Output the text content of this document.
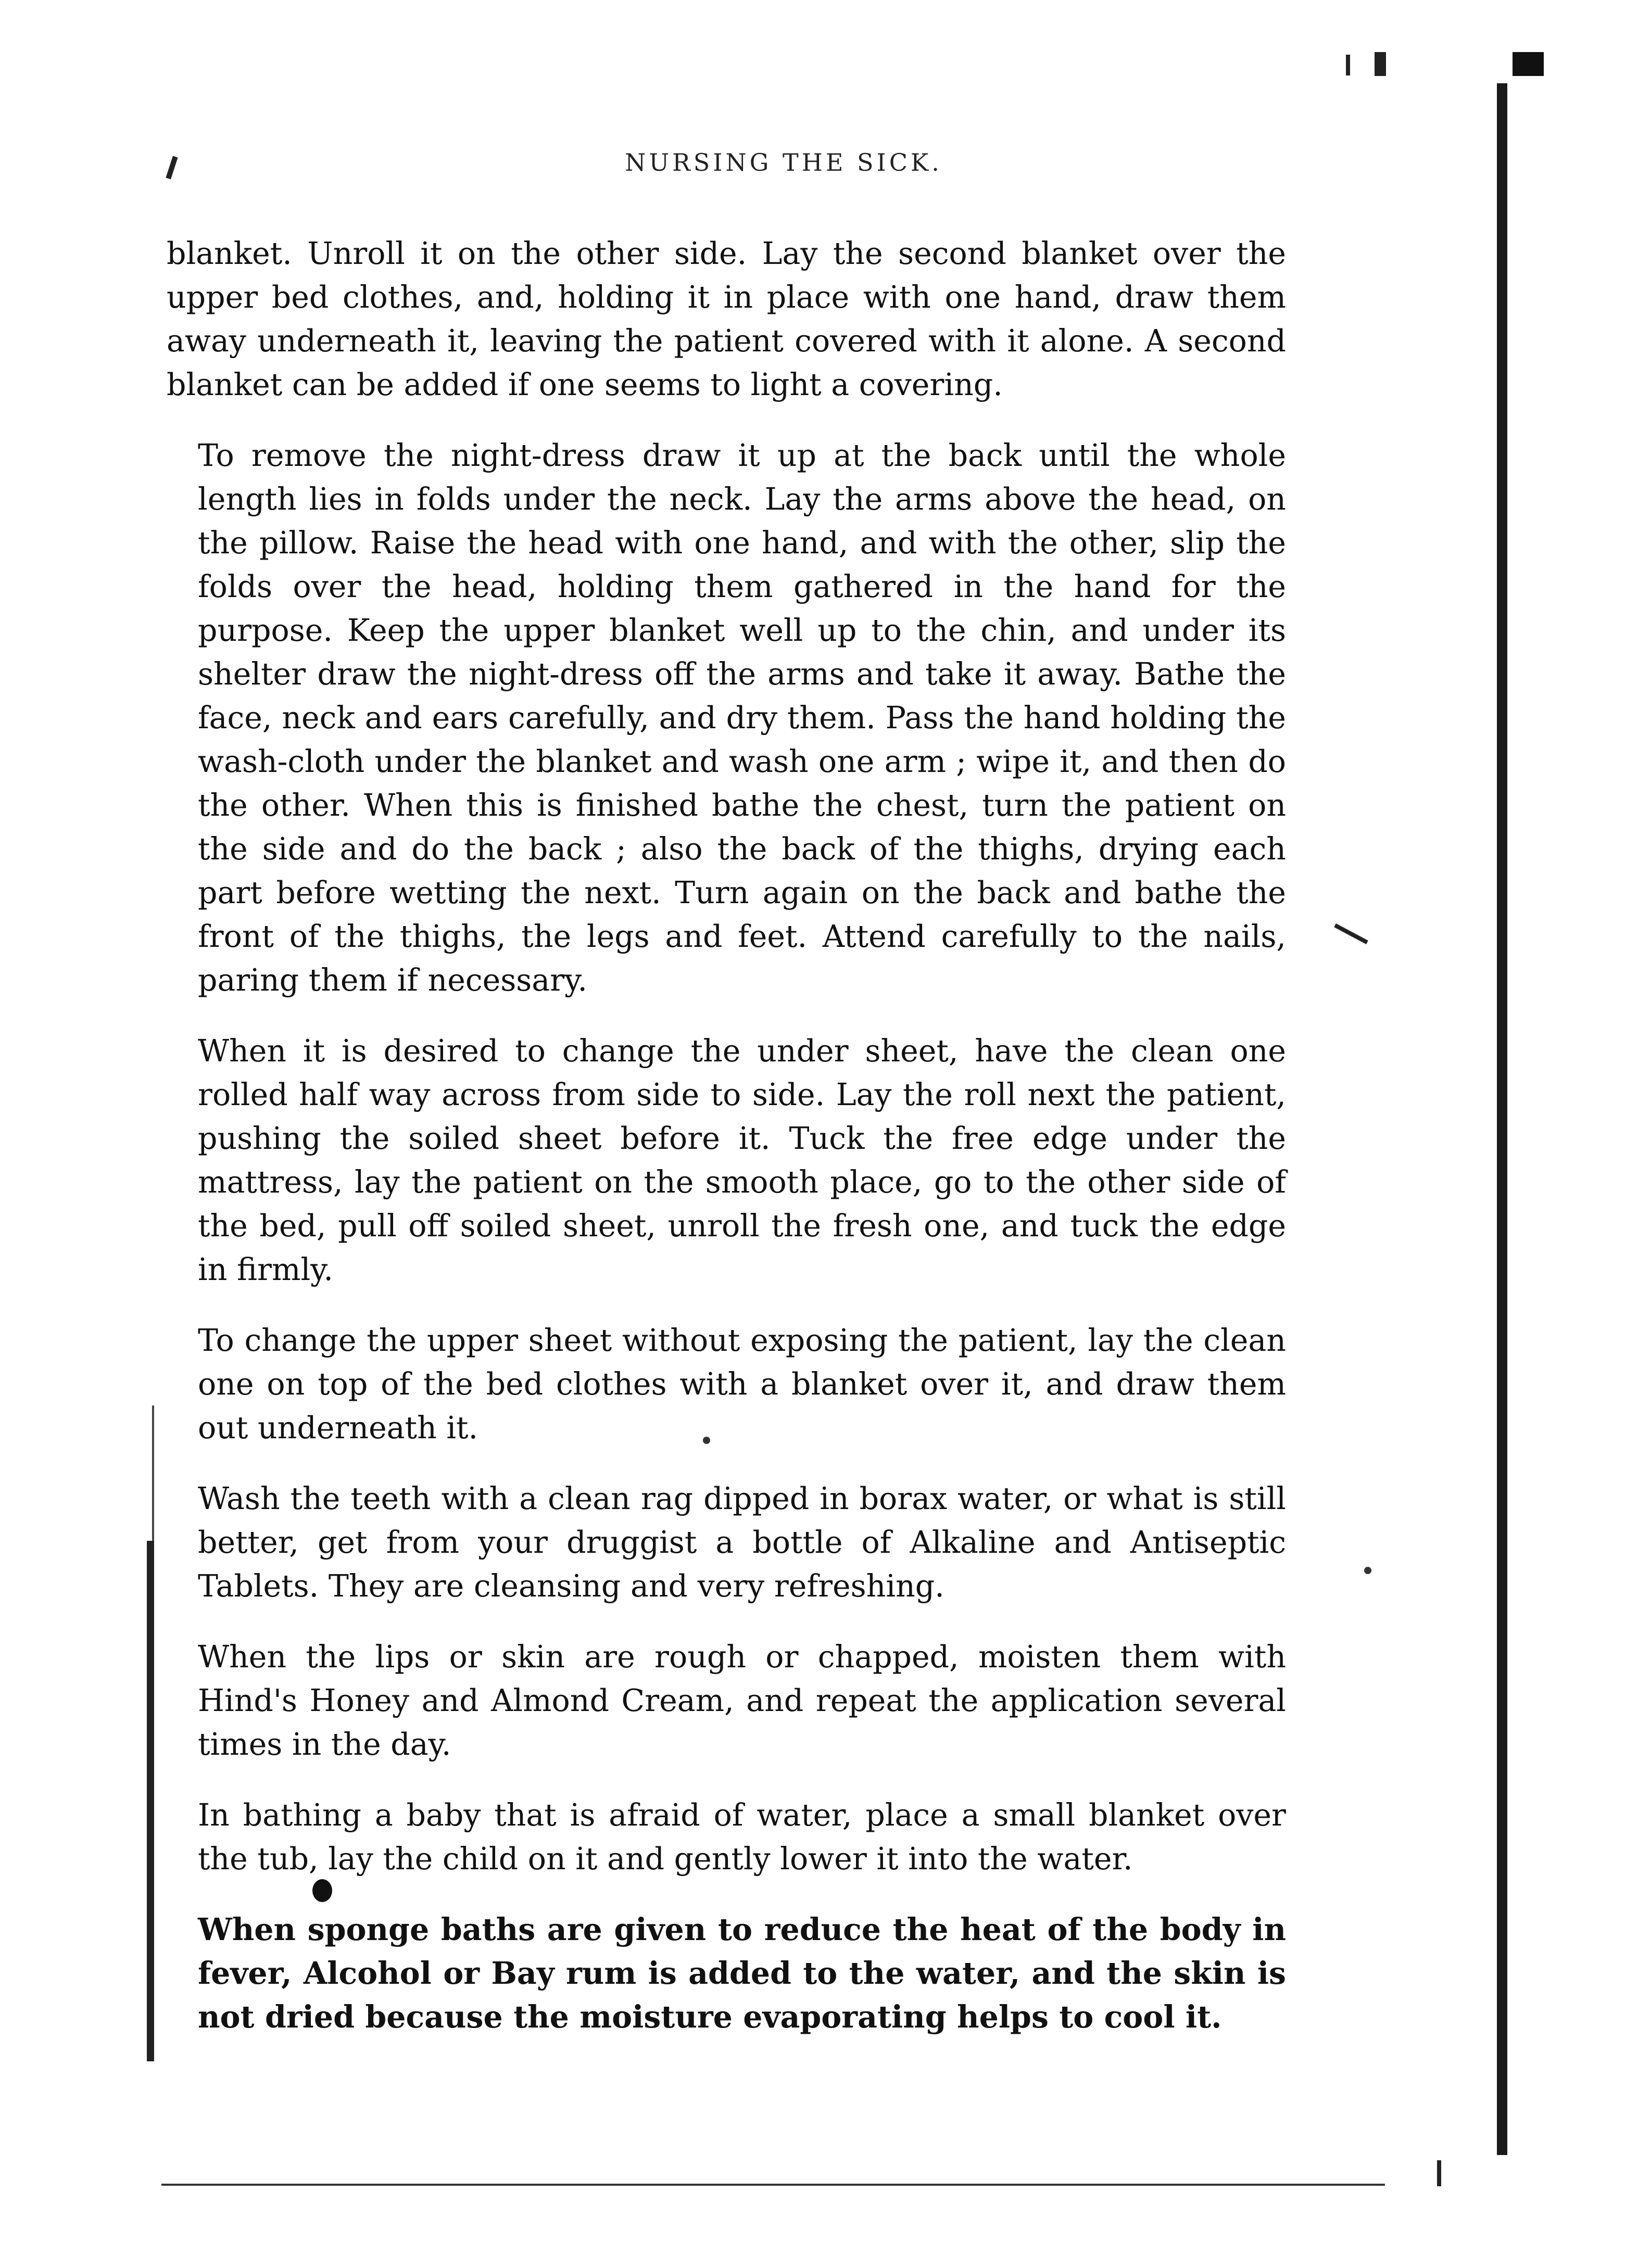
NURSING THE SICK.

blanket. Unroll it on the other side. Lay the second blanket over the upper bed clothes, and, holding it in place with one hand, draw them away underneath it, leaving the patient covered with it alone. A second blanket can be added if one seems to light a covering.

To remove the night-dress draw it up at the back until the whole length lies in folds under the neck. Lay the arms above the head, on the pillow. Raise the head with one hand, and with the other, slip the folds over the head, holding them gathered in the hand for the purpose. Keep the upper blanket well up to the chin, and under its shelter draw the night-dress off the arms and take it away. Bathe the face, neck and ears carefully, and dry them. Pass the hand holding the wash-cloth under the blanket and wash one arm ; wipe it, and then do the other. When this is finished bathe the chest, turn the patient on the side and do the back ; also the back of the thighs, drying each part before wetting the next. Turn again on the back and bathe the front of the thighs, the legs and feet. Attend carefully to the nails, paring them if necessary.

When it is desired to change the under sheet, have the clean one rolled half way across from side to side. Lay the roll next the patient, pushing the soiled sheet before it. Tuck the free edge under the mattress, lay the patient on the smooth place, go to the other side of the bed, pull off soiled sheet, unroll the fresh one, and tuck the edge in firmly.

To change the upper sheet without exposing the patient, lay the clean one on top of the bed clothes with a blanket over it, and draw them out underneath it.

Wash the teeth with a clean rag dipped in borax water, or what is still better, get from your druggist a bottle of Alkaline and Antiseptic Tablets. They are cleansing and very refreshing.

When the lips or skin are rough or chapped, moisten them with Hind's Honey and Almond Cream, and repeat the application several times in the day.

In bathing a baby that is afraid of water, place a small blanket over the tub, lay the child on it and gently lower it into the water.

When sponge baths are given to reduce the heat of the body in fever, Alcohol or Bay rum is added to the water, and the skin is not dried because the moisture evaporating helps to cool it.
